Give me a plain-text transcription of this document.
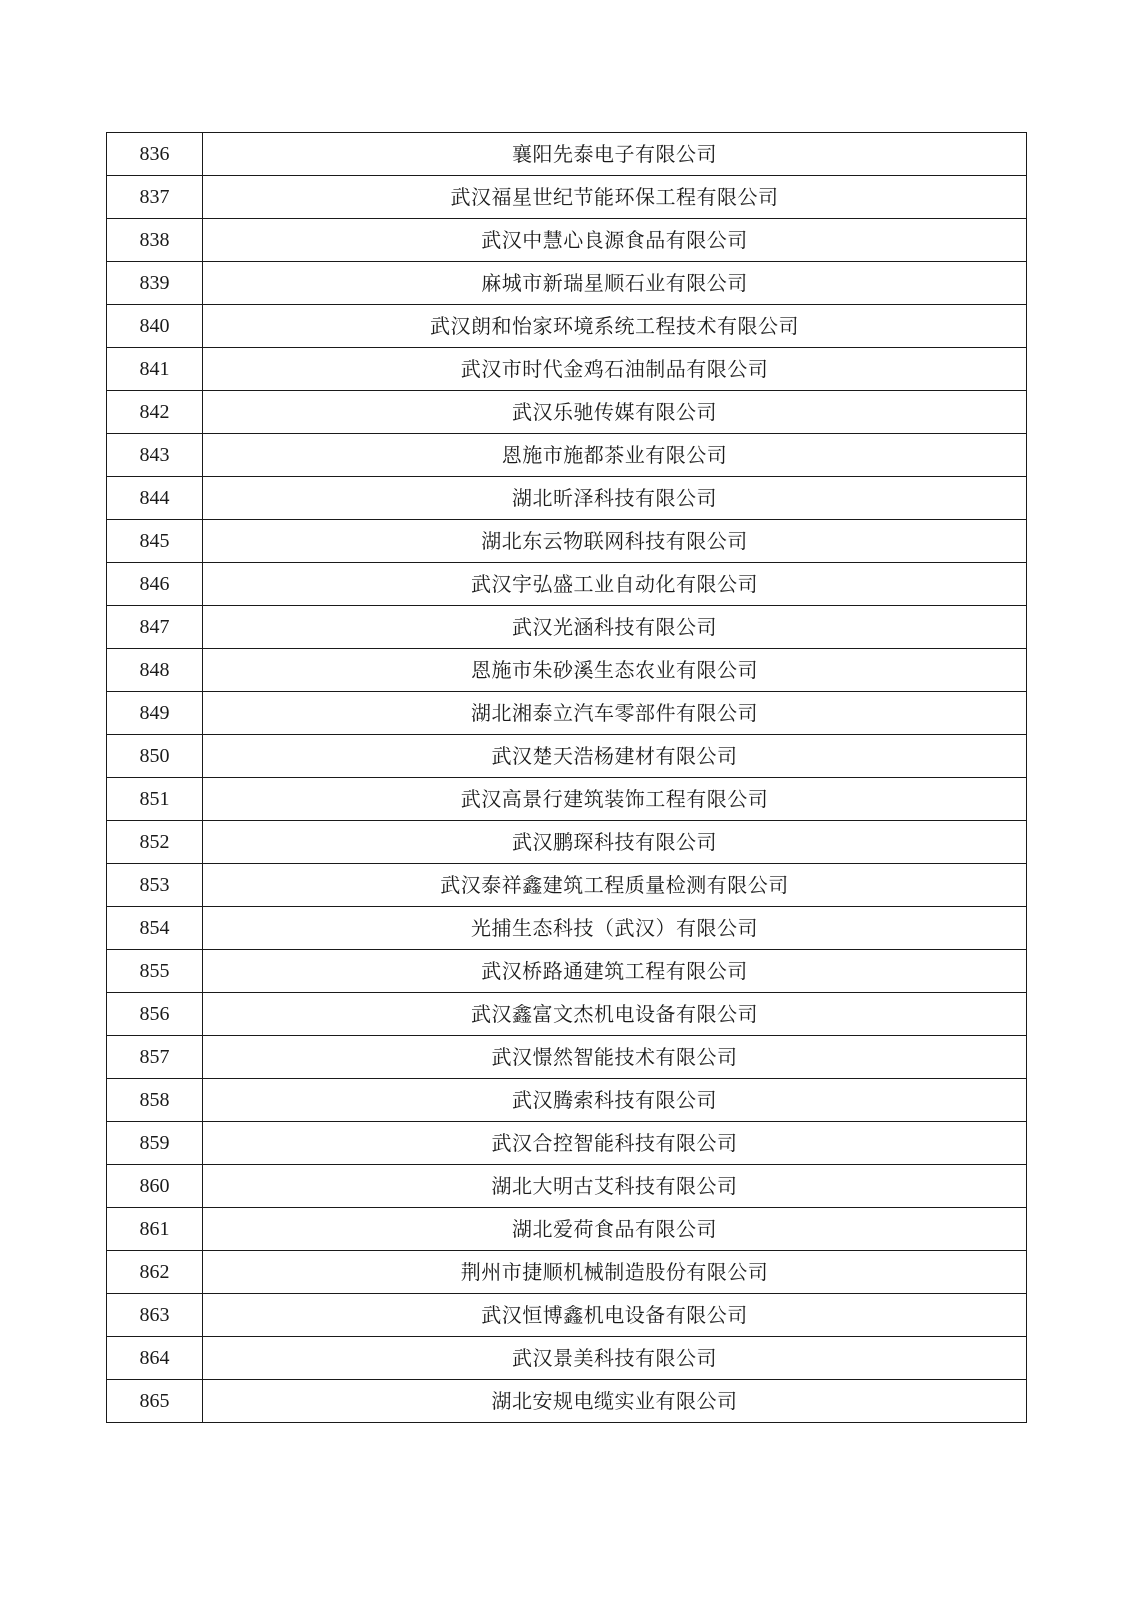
836	襄阳先泰电子有限公司
837	武汉福星世纪节能环保工程有限公司
838	武汉中慧心良源食品有限公司
839	麻城市新瑞星顺石业有限公司
840	武汉朗和怡家环境系统工程技术有限公司
841	武汉市时代金鸡石油制品有限公司
842	武汉乐驰传媒有限公司
843	恩施市施都茶业有限公司
844	湖北昕泽科技有限公司
845	湖北东云物联网科技有限公司
846	武汉宇弘盛工业自动化有限公司
847	武汉光涵科技有限公司
848	恩施市朱砂溪生态农业有限公司
849	湖北湘泰立汽车零部件有限公司
850	武汉楚天浩杨建材有限公司
851	武汉高景行建筑装饰工程有限公司
852	武汉鹏琛科技有限公司
853	武汉泰祥鑫建筑工程质量检测有限公司
854	光捕生态科技（武汉）有限公司
855	武汉桥路通建筑工程有限公司
856	武汉鑫富文杰机电设备有限公司
857	武汉憬然智能技术有限公司
858	武汉腾索科技有限公司
859	武汉合控智能科技有限公司
860	湖北大明古艾科技有限公司
861	湖北爱荷食品有限公司
862	荆州市捷顺机械制造股份有限公司
863	武汉恒博鑫机电设备有限公司
864	武汉景美科技有限公司
865	湖北安规电缆实业有限公司
